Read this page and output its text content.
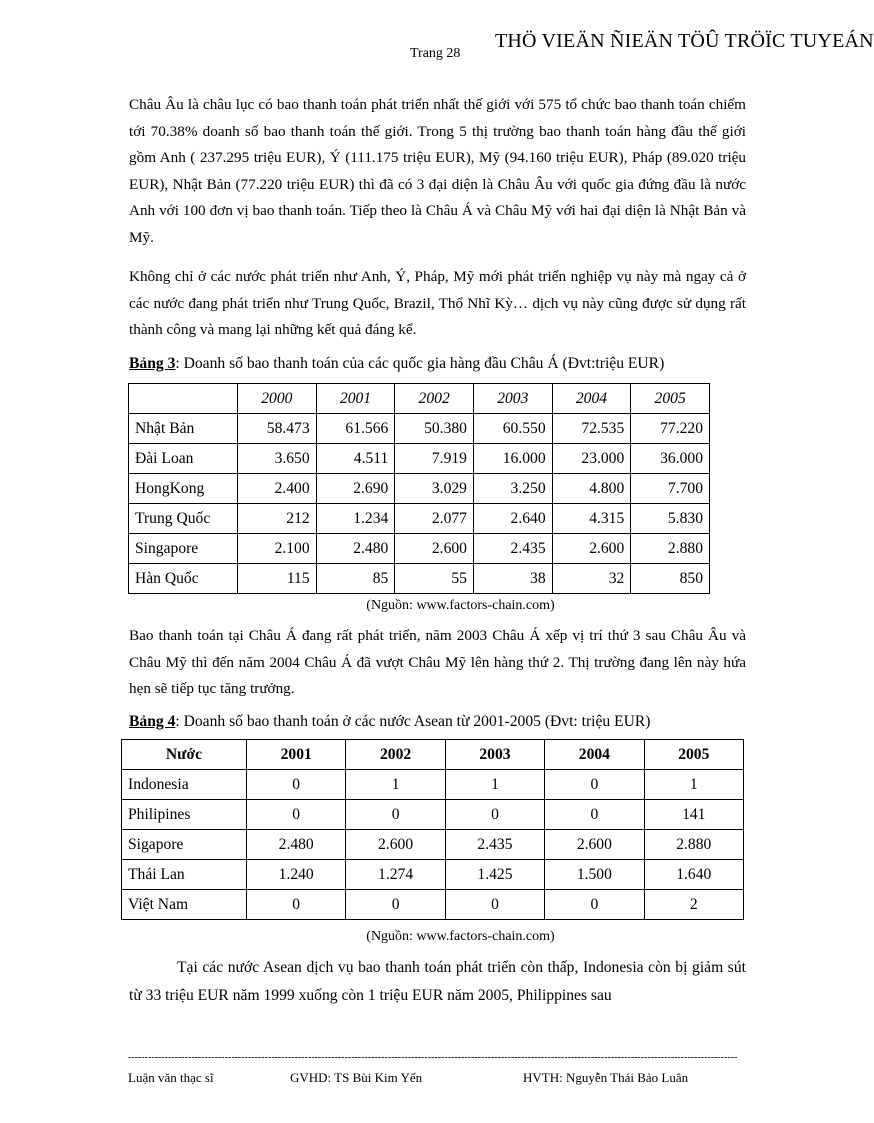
Trang 28
THÖ VIEÄN ÑIEÄN TÖÛ TRÖÏC TUYEÁN
Châu Âu là châu lục có bao thanh toán phát triển nhất thế giới với 575 tổ chức bao thanh toán chiếm tới 70.38% doanh số bao thanh toán thế giới. Trong 5 thị trường bao thanh toán hàng đầu thế giới gồm Anh ( 237.295 triệu EUR), Ý (111.175 triệu EUR), Mỹ (94.160 triệu EUR), Pháp (89.020 triệu EUR), Nhật Bản (77.220 triệu EUR) thì đã có 3 đại diện là Châu Âu với quốc gia đứng đầu là nước Anh với 100 đơn vị bao thanh toán. Tiếp theo là Châu Á và Châu Mỹ với hai đại diện là Nhật Bản và Mỹ.
Không chỉ ở các nước phát triển như Anh, Ý, Pháp, Mỹ mới phát triển nghiệp vụ này mà ngay cả ở các nước đang phát triển như Trung Quốc, Brazil, Thổ Nhĩ Kỳ… dịch vụ này cũng được sử dụng rất thành công và mang lại những kết quả đáng kể.
Bảng 3: Doanh số bao thanh toán của các quốc gia hàng đầu Châu Á (Đvt:triệu EUR)
	2000	2001	2002	2003	2004	2005
Nhật Bản	58.473	61.566	50.380	60.550	72.535	77.220
Đài Loan	3.650	4.511	7.919	16.000	23.000	36.000
HongKong	2.400	2.690	3.029	3.250	4.800	7.700
Trung Quốc	212	1.234	2.077	2.640	4.315	5.830
Singapore	2.100	2.480	2.600	2.435	2.600	2.880
Hàn Quốc	115	85	55	38	32	850
(Nguồn: www.factors-chain.com)
Bao thanh toán tại Châu Á đang rất phát triển, năm 2003 Châu Á xếp vị trí thứ 3 sau Châu Âu và Châu Mỹ thì đến năm 2004 Châu Á đã vượt Châu Mỹ lên hàng thứ 2. Thị trường đang lên này hứa hẹn sẽ tiếp tục tăng trưởng.
Bảng 4: Doanh số bao thanh toán ở các nước Asean từ 2001-2005 (Đvt: triệu EUR)
Nước	2001	2002	2003	2004	2005
Indonesia	0	1	1	0	1
Philipines	0	0	0	0	141
Sigapore	2.480	2.600	2.435	2.600	2.880
Thái Lan	1.240	1.274	1.425	1.500	1.640
Việt Nam	0	0	0	0	2
(Nguồn: www.factors-chain.com)
Tại các nước Asean dịch vụ bao thanh toán phát triển còn thấp, Indonesia còn bị giảm sút từ 33 triệu EUR năm 1999 xuống còn 1 triệu EUR năm 2005, Philippines sau
---------------------------------------------------------------------------------------------------------------------------------------------------------------------------------------
Luận văn thạc sĩ	GVHD: TS Bùi Kim Yến	HVTH: Nguyễn Thái Bảo Luân
